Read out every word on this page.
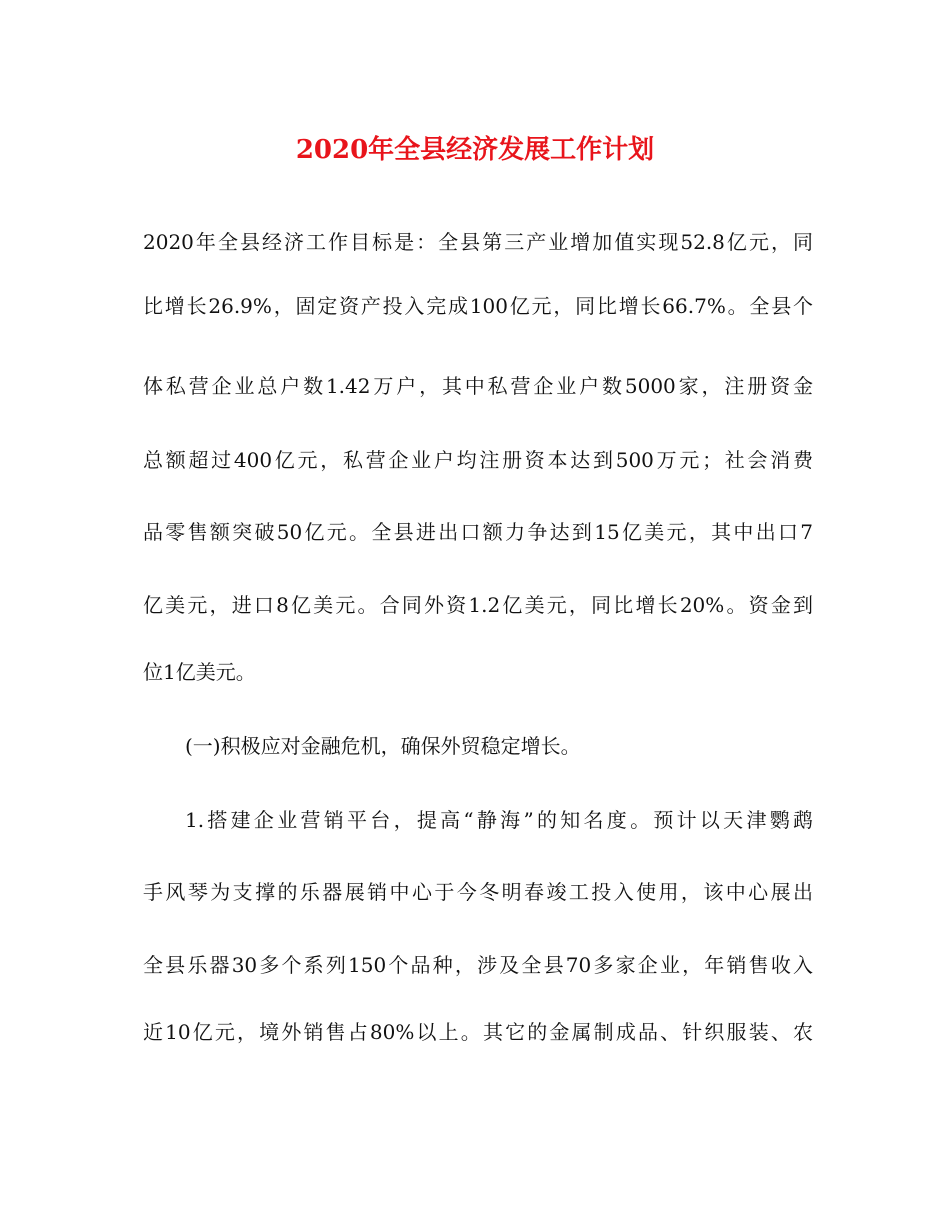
2020年全县经济发展工作计划
2020年全县经济工作目标是：全县第三产业增加值实现52.8亿元，同
比增长26.9%，固定资产投入完成100亿元，同比增长66.7%。全县个
体私营企业总户数1.42万户，其中私营企业户数5000家，注册资金
总额超过400亿元，私营企业户均注册资本达到500万元；社会消费
品零售额突破50亿元。全县进出口额力争达到15亿美元，其中出口7
亿美元，进口8亿美元。合同外资1.2亿美元，同比增长20%。资金到
位1亿美元。
(一)积极应对金融危机，确保外贸稳定增长。
1.搭建企业营销平台，提高“静海”的知名度。预计以天津鹦鹉
手风琴为支撑的乐器展销中心于今冬明春竣工投入使用，该中心展出
全县乐器30多个系列150个品种，涉及全县70多家企业，年销售收入
近10亿元，境外销售占80%以上。其它的金属制成品、针织服装、农
